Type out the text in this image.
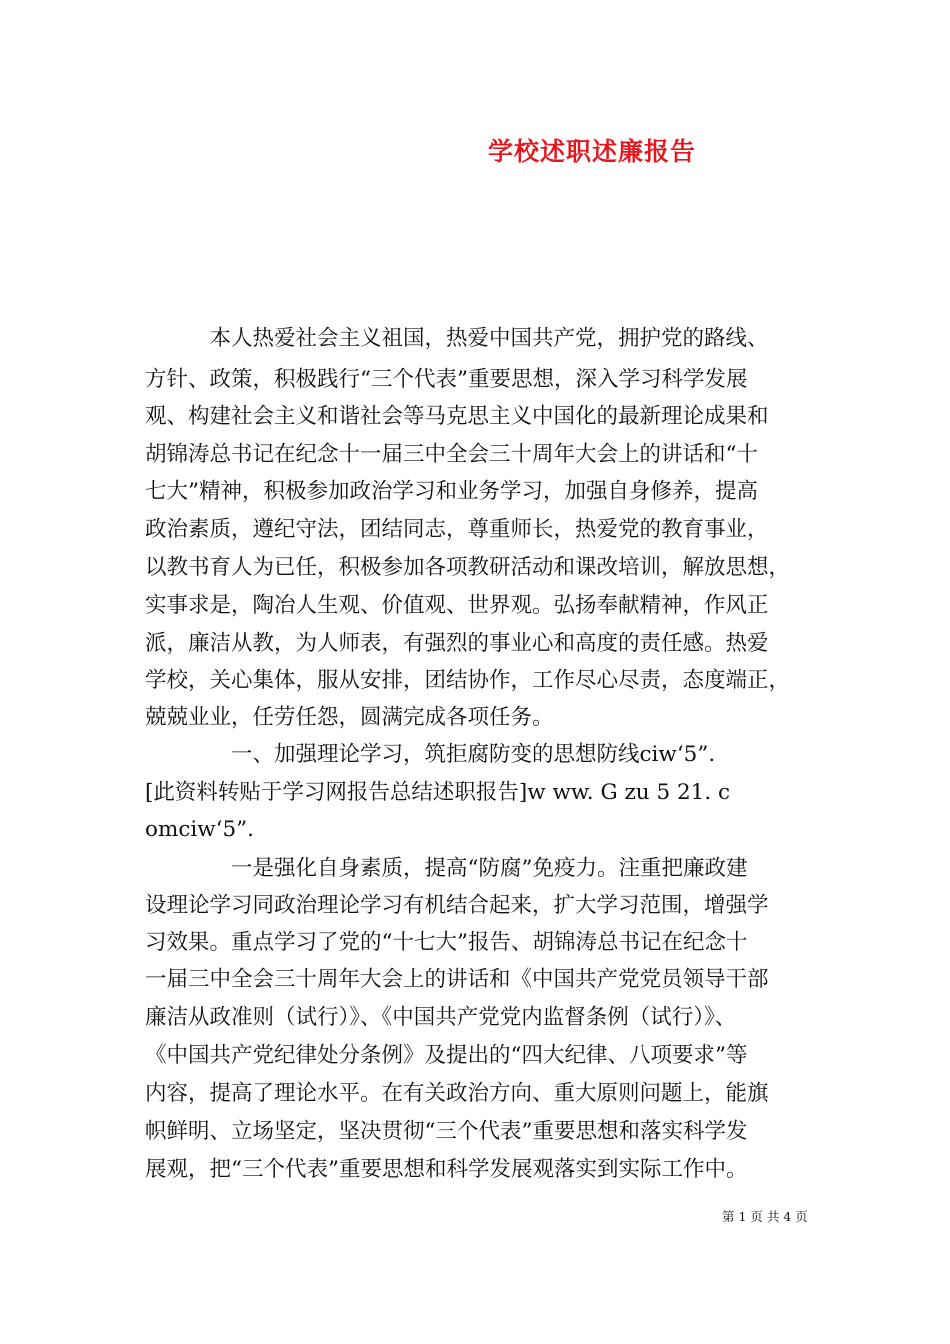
学校述职述廉报告
　　　本人热爱社会主义祖国，热爱中国共产党，拥护党的路线、
方针、政策，积极践行“三个代表”重要思想，深入学习科学发展
观、构建社会主义和谐社会等马克思主义中国化的最新理论成果和
胡锦涛总书记在纪念十一届三中全会三十周年大会上的讲话和“十
七大”精神，积极参加政治学习和业务学习，加强自身修养，提高
政治素质，遵纪守法，团结同志，尊重师长，热爱党的教育事业，
以教书育人为已任，积极参加各项教研活动和课改培训，解放思想，
实事求是，陶冶人生观、价值观、世界观。弘扬奉献精神，作风正
派，廉洁从教，为人师表，有强烈的事业心和高度的责任感。热爱
学校，关心集体，服从安排，团结协作，工作尽心尽责，态度端正，
兢兢业业，任劳任怨，圆满完成各项任务。
　　　　一、加强理论学习，筑拒腐防变的思想防线ciw‘5”.
[此资料转贴于学习网报告总结述职报告]w ww. G zu 5 21. c
omciw‘5”.
　　　　一是强化自身素质，提高“防腐”免疫力。注重把廉政建
设理论学习同政治理论学习有机结合起来，扩大学习范围，增强学
习效果。重点学习了党的“十七大”报告、胡锦涛总书记在纪念十
一届三中全会三十周年大会上的讲话和《中国共产党党员领导干部
廉洁从政准则（试行）》、《中国共产党党内监督条例（试行）》、
《中国共产党纪律处分条例》及提出的“四大纪律、八项要求”等
内容，提高了理论水平。在有关政治方向、重大原则问题上，能旗
帜鲜明、立场坚定，坚决贯彻“三个代表”重要思想和落实科学发
展观，把“三个代表”重要思想和科学发展观落实到实际工作中。
第 1 页 共 4 页
